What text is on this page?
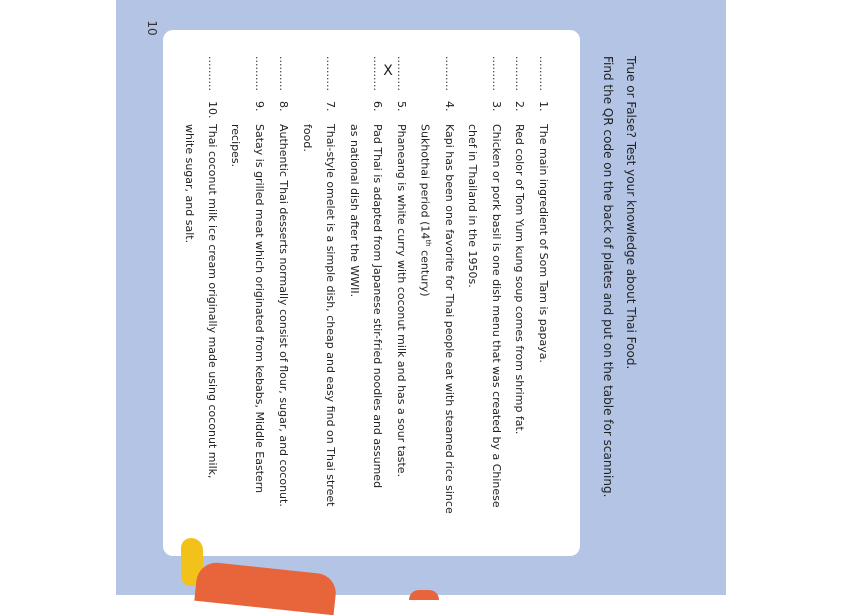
10
True or False? Test your knowledge about Thai Food.
Find the QR code on the back of plates and put on the table for scanning.
..........
1.
The main ingredient of Som Tam is papaya.
..........
2.
Red color of Tom Yum kung soup comes from shrimp fat.
..........
3.
Chicken or pork basil is one dish menu that was created by a Chinese
chef in Thailand in the 1950s.
..........
4.
Kapi has been one favorite for Thai people eat with steamed rice since
Sukhothai period (14th century)
..........
5.
Phaneang is white curry with coconut milk and has a sour taste.
.......... X
6.
Pad Thai is adapted from Japanese stir-fried noodles and assumed
as national dish after the WWII.
..........
7.
Thai-style omelet is a simple dish, cheap and easy find on Thai street
food.
..........
8.
Authentic Thai desserts normally consist of flour, sugar, and coconut.
..........
9.
Satay is grilled meat which originated from kebabs, Middle Eastern
recipes.
..........
10.
Thai coconut milk ice cream originally made using coconut milk,
white sugar, and salt.
